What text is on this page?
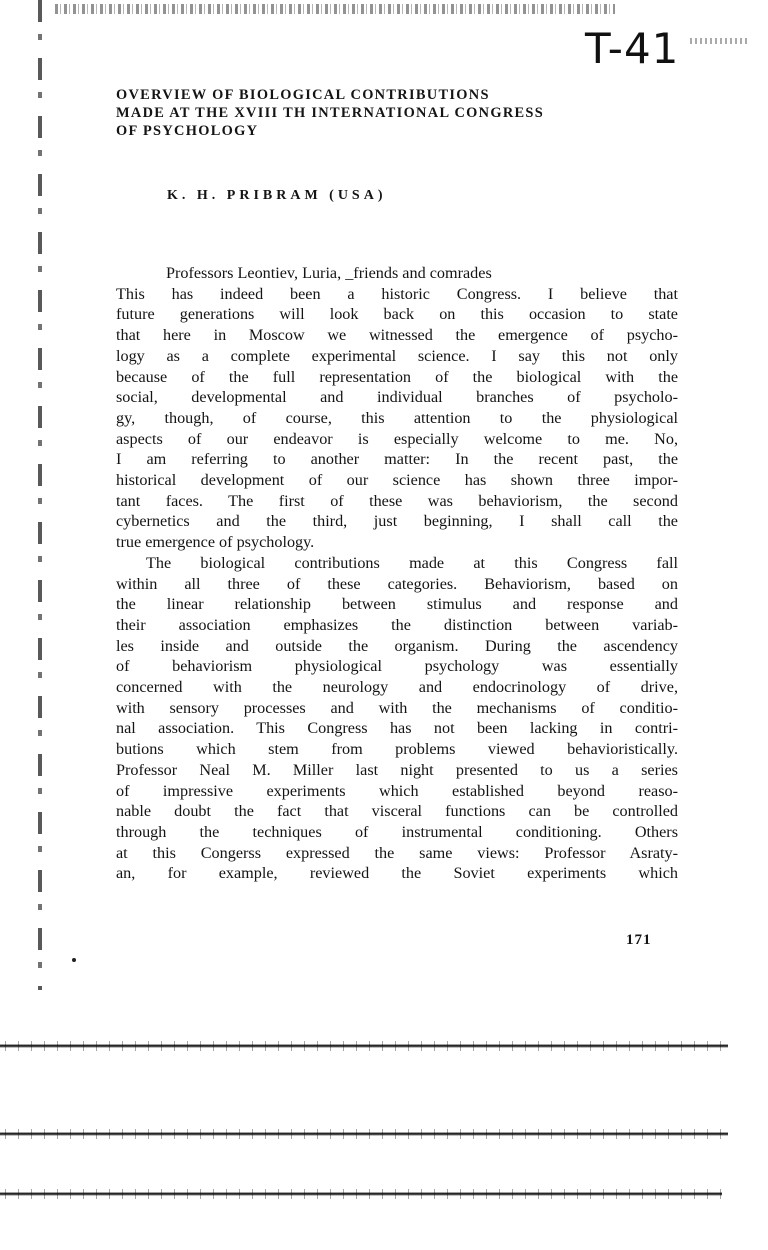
T-41
OVERVIEW OF BIOLOGICAL CONTRIBUTIONS
MADE AT THE XVIII TH INTERNATIONAL CONGRESS
OF PSYCHOLOGY
K. H. PRIBRAM (USA)
Professors Leontiev, Luria, _friends and comrades
This has indeed been a historic Congress. I believe that
future generations will look back on this occasion to state
that here in Moscow we witnessed the emergence of psycho-
logy as a complete experimental science. I say this not only
because of the full representation of the biological with the
social, developmental and individual branches of psycholo-
gy, though, of course, this attention to the physiological
aspects of our endeavor is especially welcome to me. No,
I am referring to another matter: In the recent past, the
historical development of our science has shown three impor-
tant faces. The first of these was behaviorism, the second
cybernetics and the third, just beginning, I shall call the
true emergence of psychology.
The biological contributions made at this Congress fall
within all three of these categories. Behaviorism, based on
the linear relationship between stimulus and response and
their association emphasizes the distinction between variab-
les inside and outside the organism. During the ascendency
of behaviorism physiological psychology was essentially
concerned with the neurology and endocrinology of drive,
with sensory processes and with the mechanisms of conditio-
nal association. This Congress has not been lacking in contri-
butions which stem from problems viewed behavioristically.
Professor Neal M. Miller last night presented to us a series
of impressive experiments which established beyond reaso-
nable doubt the fact that visceral functions can be controlled
through the techniques of instrumental conditioning. Others
at this Congerss expressed the same views: Professor Asraty-
an, for example, reviewed the Soviet experiments which
171
